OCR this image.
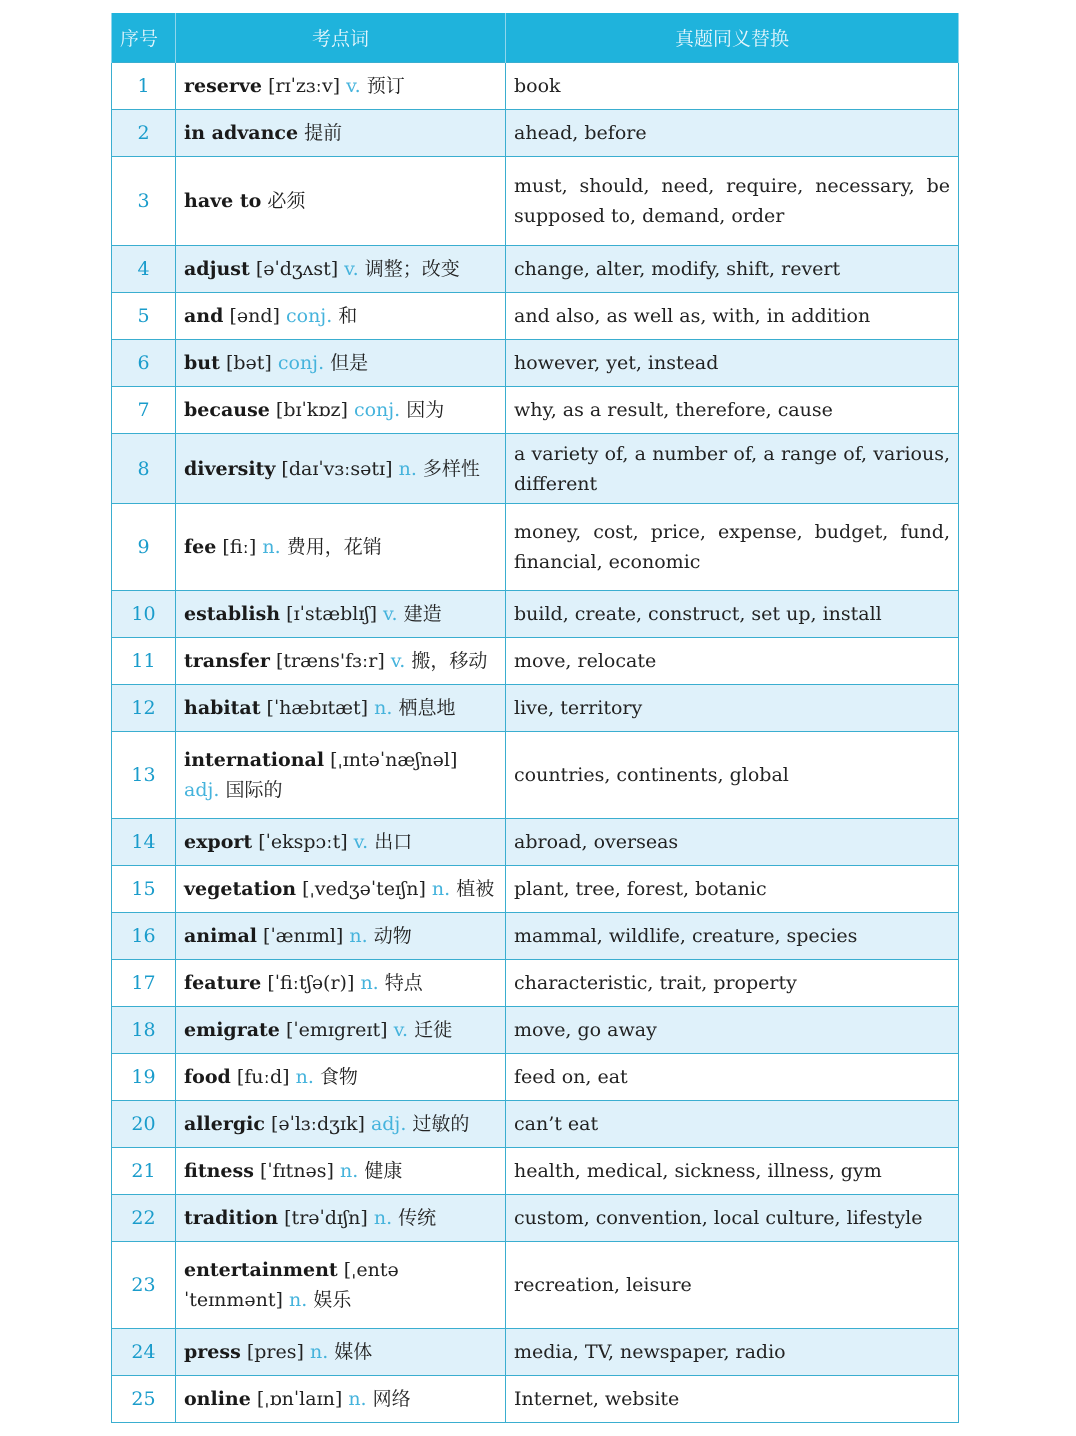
序号	考点词	真题同义替换
1	reserve [rɪˈzɜːv] v. 预订	book
2	in advance 提前	ahead, before
3	have to 必须	must, should, need, require, necessary, be supposed to, demand, order
4	adjust [əˈdʒʌst] v. 调整；改变	change, alter, modify, shift, revert
5	and [ənd] conj. 和	and also, as well as, with, in addition
6	but [bət] conj. 但是	however, yet, instead
7	because [bɪˈkɒz] conj. 因为	why, as a result, therefore, cause
8	diversity [daɪˈvɜːsətɪ] n. 多样性	a variety of, a number of, a range of, various, different
9	fee [fiː] n. 费用，花销	money, cost, price, expense, budget, fund, financial, economic
10	establish [ɪˈstæblɪʃ] v. 建造	build, create, construct, set up, install
11	transfer [træns'fɜːr] v. 搬，移动	move, relocate
12	habitat [ˈhæbɪtæt] n. 栖息地	live, territory
13	international [ˌɪntəˈnæʃnəl] adj. 国际的	countries, continents, global
14	export [ˈekspɔːt] v. 出口	abroad, overseas
15	vegetation [ˌvedʒəˈteɪʃn] n. 植被	plant, tree, forest, botanic
16	animal [ˈænɪml] n. 动物	mammal, wildlife, creature, species
17	feature [ˈfiːtʃə(r)] n. 特点	characteristic, trait, property
18	emigrate [ˈemɪgreɪt] v. 迁徙	move, go away
19	food [fuːd] n. 食物	feed on, eat
20	allergic [əˈlɜːdʒɪk] adj. 过敏的	can’t eat
21	fitness [ˈfɪtnəs] n. 健康	health, medical, sickness, illness, gym
22	tradition [trəˈdɪʃn] n. 传统	custom, convention, local culture, lifestyle
23	entertainment [ˌentəˈteɪnmənt] n. 娱乐	recreation, leisure
24	press [pres] n. 媒体	media, TV, newspaper, radio
25	online [ˌɒnˈlaɪn] n. 网络	Internet, website
